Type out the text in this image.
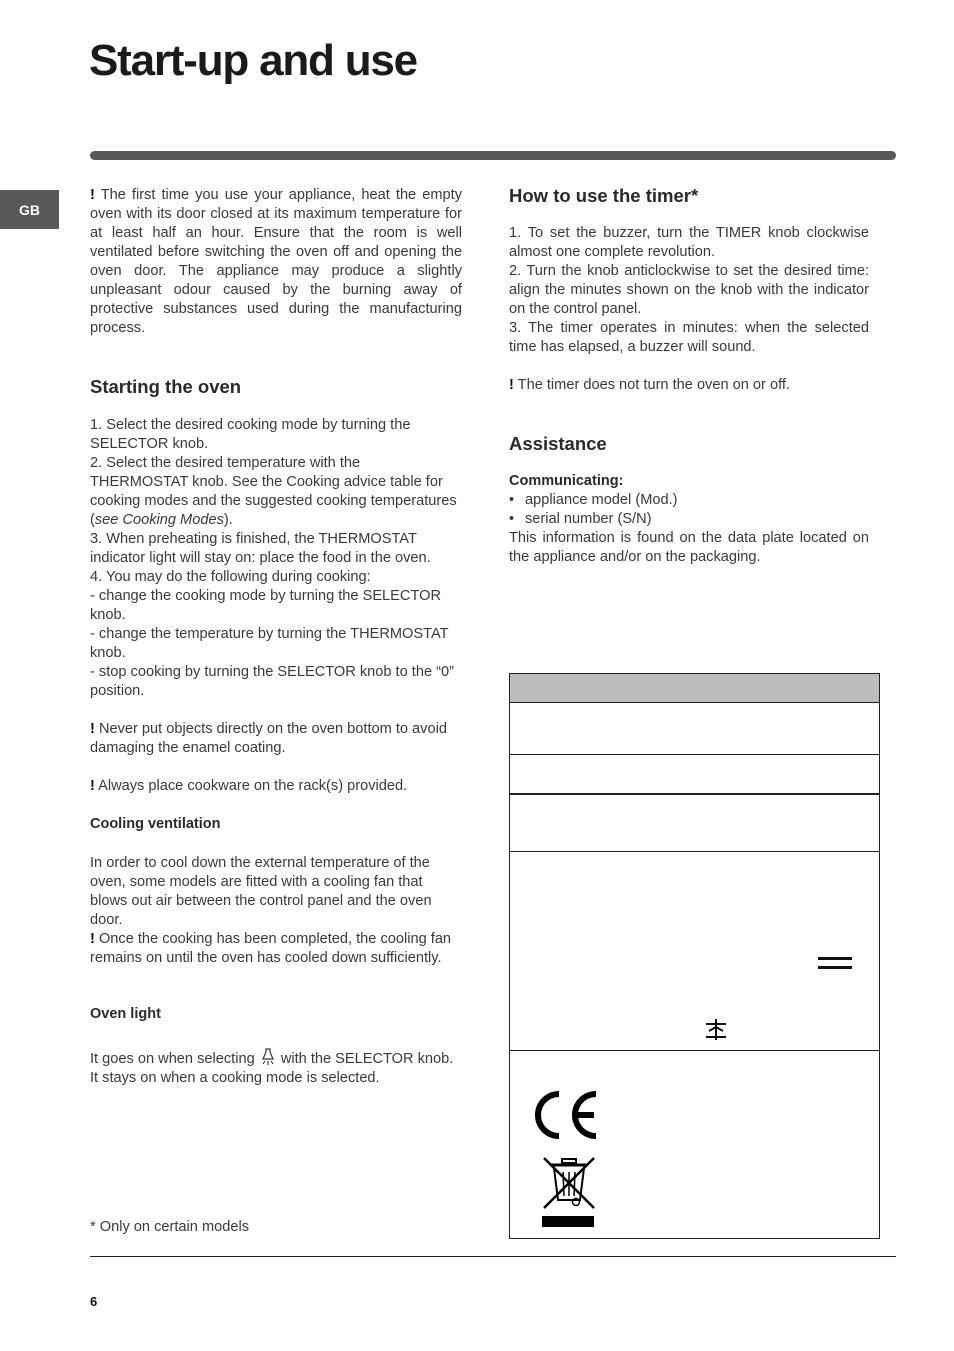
Start-up and use
GB

! The first time you use your appliance, heat the empty oven with its door closed at its maximum temperature for at least half an hour. Ensure that the room is well ventilated before switching the oven off and opening the oven door. The appliance may produce a slightly unpleasant odour caused by the burning away of protective substances used during the manufacturing process.

Starting the oven

1. Select the desired cooking mode by turning the SELECTOR knob.

2. Select the desired temperature with the THERMOSTAT knob. See the Cooking advice table for cooking modes and the suggested cooking temperatures (see Cooking Modes).

3. When preheating is finished, the THERMOSTAT indicator light will stay on: place the food in the oven.

4. You may do the following during cooking:

- change the cooking mode by turning the SELECTOR knob.

- change the temperature by turning the THERMOSTAT knob.

- stop cooking by turning the SELECTOR knob to the “0” position.

! Never put objects directly on the oven bottom to avoid damaging the enamel coating.

! Always place cookware on the rack(s) provided.

Cooling ventilation

In order to cool down the external temperature of the oven, some models are fitted with a cooling fan that blows out air between the control panel and the oven door.

! Once the cooking has been completed, the cooling fan remains on until the oven has cooled down sufficiently.

Oven light

It goes on when selecting with the SELECTOR knob. It stays on when a cooking mode is selected.

* Only on certain models
How to use the timer*

1. To set the buzzer, turn the TIMER knob clockwise almost one complete revolution.

2. Turn the knob anticlockwise to set the desired time: align the minutes shown on the knob with the indicator on the control panel.

3. The timer operates in minutes: when the selected time has elapsed, a buzzer will sound.

! The timer does not turn the oven on or off.

Assistance
Communicating:

• appliance model (Mod.)

• serial number (S/N)

This information is found on the data plate located on the appliance and/or on the packaging.

6
